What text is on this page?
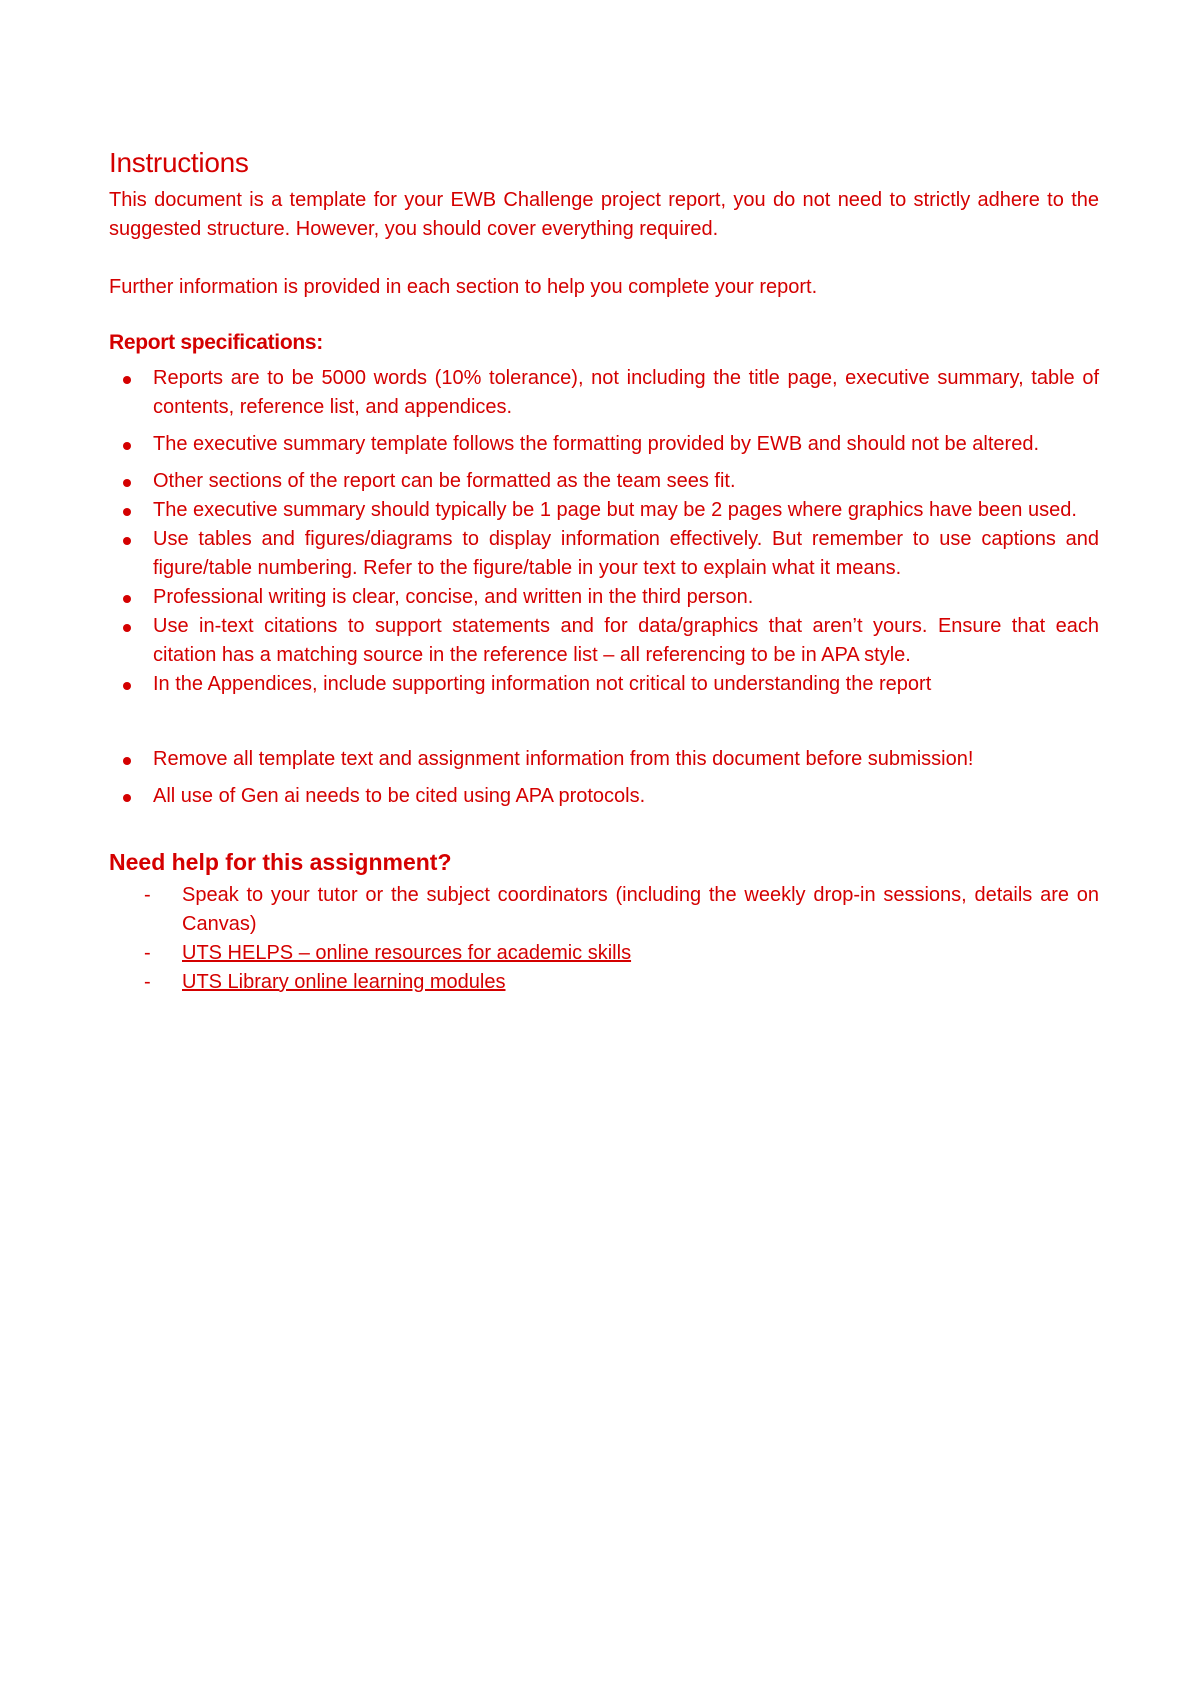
Instructions

This document is a template for your EWB Challenge project report, you do not need to strictly adhere to the suggested structure. However, you should cover everything required.

Further information is provided in each section to help you complete your report.

Report specifications:
Reports are to be 5000 words (10% tolerance), not including the title page, executive summary, table of contents, reference list, and appendices.
The executive summary template follows the formatting provided by EWB and should not be altered.
Other sections of the report can be formatted as the team sees fit.
The executive summary should typically be 1 page but may be 2 pages where graphics have been used.
Use tables and figures/diagrams to display information effectively. But remember to use captions and figure/table numbering. Refer to the figure/table in your text to explain what it means.
Professional writing is clear, concise, and written in the third person.
Use in-text citations to support statements and for data/graphics that aren’t yours. Ensure that each citation has a matching source in the reference list – all referencing to be in APA style.
In the Appendices, include supporting information not critical to understanding the report
Remove all template text and assignment information from this document before submission!
All use of Gen ai needs to be cited using APA protocols.
Need help for this assignment?
- Speak to your tutor or the subject coordinators (including the weekly drop-in sessions, details are on Canvas)
- UTS HELPS – online resources for academic skills
- UTS Library online learning modules
